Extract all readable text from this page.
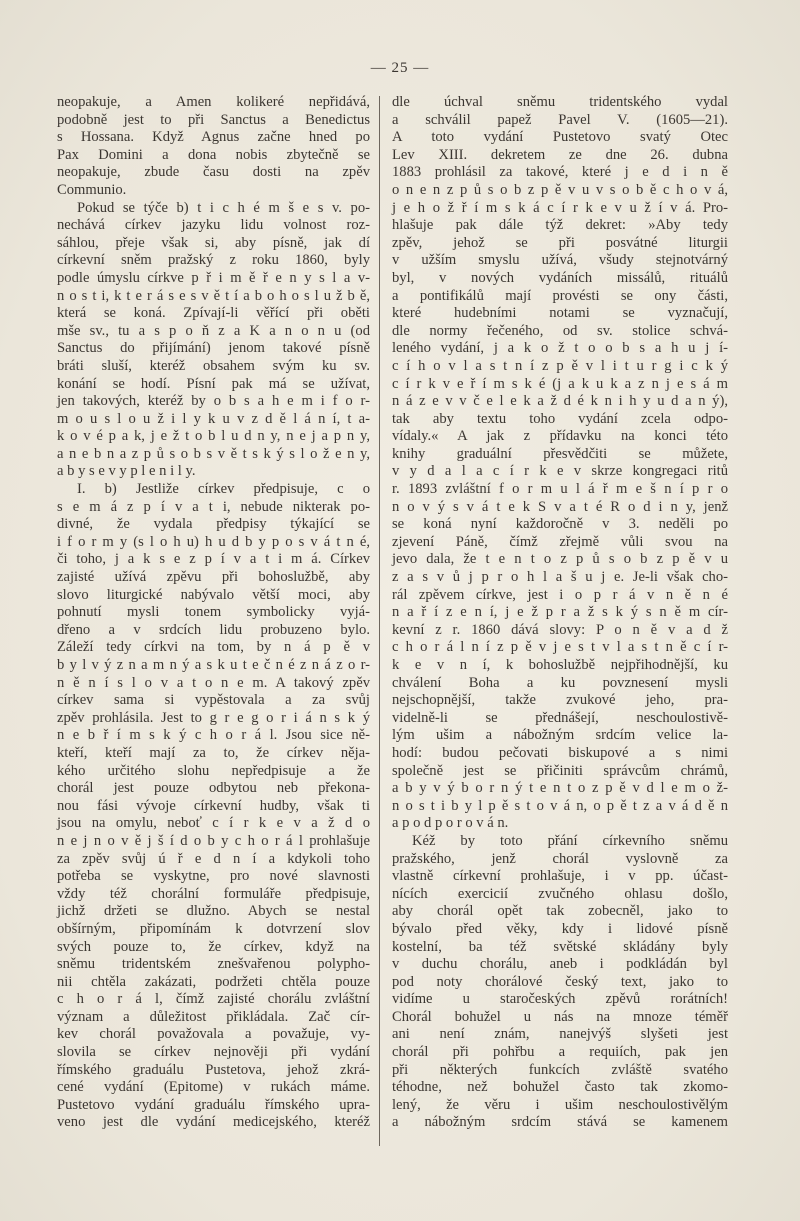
— 25 —
neopakuje, a Amen kolikeré nepřidává,
podobně jest to při Sanctus a Benedictus
s Hossana. Když Agnus začne hned po
Pax Domini a dona nobis zbytečně se
neopakuje, zbude času dosti na zpěv
Communio.
Pokud se týče b) t i c h é m š e s v. po-
nechává církev jazyku lidu volnost roz-
sáhlou, přeje však si, aby písně, jak dí
církevní sněm pražský z roku 1860, byly
podle úmyslu církve p ř i m ě ř e n y s l a v-
n o s t i, k t e r á s e s v ě t í a b o h o s l u ž b ě,
která se koná. Zpívají-li věřící při oběti
mše sv., tu a s p o ň z a K a n o n u (od
Sanctus do přijímání) jenom takové písně
bráti sluší, kteréž obsahem svým ku sv.
konání se hodí. Písní pak má se užívat,
jen takových, kteréž by o b s a h e m i f o r-
m o u s l o u ž i l y k u v z d ě l á n í, t a-
k o v é p a k, j e ž t o b l u d n y, n e j a p n y,
a n e b n a z p ů s o b s v ě t s k ý s l o ž e n y,
a b y s e v y p l e n i l y.
I. b) Jestliže církev předpisuje, c o
s e m á z p í v a t i, nebude nikterak po-
divné, že vydala předpisy týkající se
i f o r m y (s l o h u) h u d b y p o s v á t n é,
či toho, j a k s e z p í v a t i m á. Církev
zajisté užívá zpěvu při bohoslužbě, aby
slovo liturgické nabývalo větší moci, aby
pohnutí mysli tonem symbolicky vyjá-
dřeno a v srdcích lidu probuzeno bylo.
Záleží tedy církvi na tom, by n á p ě v
b y l v ý z n a m n ý a s k u t e č n é z n á z o r-
n ě n í s l o v a t o n e m. A takový zpěv
církev sama si vypěstovala a za svůj
zpěv prohlásila. Jest to g r e g o r i á n s k ý
n e b ř í m s k ý c h o r á l. Jsou sice ně-
kteří, kteří mají za to, že církev něja-
kého určitého slohu nepředpisuje a že
chorál jest pouze odbytou neb překona-
nou fási vývoje církevní hudby, však ti
jsou na omylu, neboť c í r k e v a ž d o
n e j n o v ě j š í d o b y c h o r á l prohlašuje
za zpěv svůj ú ř e d n í a kdykoli toho
potřeba se vyskytne, pro nové slavnosti
vždy též chorální formuláře předpisuje,
jichž držeti se dlužno. Abych se nestal
obšírným, připomínám k dotvrzení slov
svých pouze to, že církev, když na
sněmu tridentském znešvařenou polypho-
nii chtěla zakázati, podržeti chtěla pouze
c h o r á l, čímž zajisté chorálu zvláštní
význam a důležitost přikládala. Zač cír-
kev chorál považovala a považuje, vy-
slovila se církev nejnověji při vydání
římského graduálu Pustetova, jehož zkrá-
cené vydání (Epitome) v rukách máme.
Pustetovo vydání graduálu římského upra-
veno jest dle vydání medicejského, kteréž
dle úchval sněmu tridentského vydal
a schválil papež Pavel V. (1605—21).
A toto vydání Pustetovo svatý Otec
Lev XIII. dekretem ze dne 26. dubna
1883 prohlásil za takové, které j e d i n ě
o n e n z p ů s o b z p ě v u v s o b ě c h o v á,
j e h o ž ř í m s k á c í r k e v u ž í v á. Pro-
hlašuje pak dále týž dekret: »Aby tedy
zpěv, jehož se při posvátné liturgii
v užším smyslu užívá, všudy stejnotvárný
byl, v nových vydáních missálů, rituálů
a pontifikálů mají provésti se ony části,
které hudebními notami se vyznačují,
dle normy řečeného, od sv. stolice schvá-
leného vydání, j a k o ž t o o b s a h u j í-
c í h o v l a s t n í z p ě v l i t u r g i c k ý
c í r k v e ř í m s k é (j a k u k a z n j e s á m
n á z e v v č e l e k a ž d é k n i h y u d a n ý),
tak aby textu toho vydání zcela odpo-
vídaly.« A jak z přídavku na konci této
knihy graduální přesvědčiti se můžete,
v y d a l a c í r k e v skrze kongregaci ritů
r. 1893 zvláštní f o r m u l á ř m e š n í p r o
n o v ý s v á t e k S v a t é R o d i n y, jenž
se koná nyní každoročně v 3. neděli po
zjevení Páně, čímž zřejmě vůli svou na
jevo dala, že t e n t o z p ů s o b z p ě v u
z a s v ů j p r o h l a š u j e. Je-li však cho-
rál zpěvem církve, jest i o p r á v n ě n é
n a ř í z e n í, j e ž p r a ž s k ý s n ě m cír-
kevní z r. 1860 dává slovy: P o n ě v a d ž
c h o r á l n í z p ě v j e s t v l a s t n ě c í r-
k e v n í, k bohoslužbě nejpřihodnější, ku
chválení Boha a ku povznesení mysli
nejschopnější, takže zvukové jeho, pra-
videlně-li se přednášejí, neschoulostivě-
lým ušim a nábožným srdcím velice la-
hodí: budou pečovati biskupové a s nimi
společně jest se přičiniti správcům chrámů,
a b y v ý b o r n ý t e n t o z p ě v d l e m o ž-
n o s t i b y l p ě s t o v á n, o p ě t z a v á d ě n
a p o d p o r o v á n.
Kéž by toto přání církevního sněmu
pražského, jenž chorál vyslovně za
vlastně církevní prohlašuje, i v pp. účast-
nících exercicií zvučného ohlasu došlo,
aby chorál opět tak zobecněl, jako to
bývalo před věky, kdy i lidové písně
kostelní, ba též světské skládány byly
v duchu chorálu, aneb i podkládán byl
pod noty chorálové český text, jako to
vidíme u staročeských zpěvů rorátních!
Chorál bohužel u nás na mnoze téměř
ani není znám, nanejvýš slyšeti jest
chorál při pohřbu a requiích, pak jen
při některých funkcích zvláště svatého
téhodne, než bohužel často tak zkomo-
lený, že věru i ušim neschoulostivělým
a nábožným srdcím stává se kamenem
